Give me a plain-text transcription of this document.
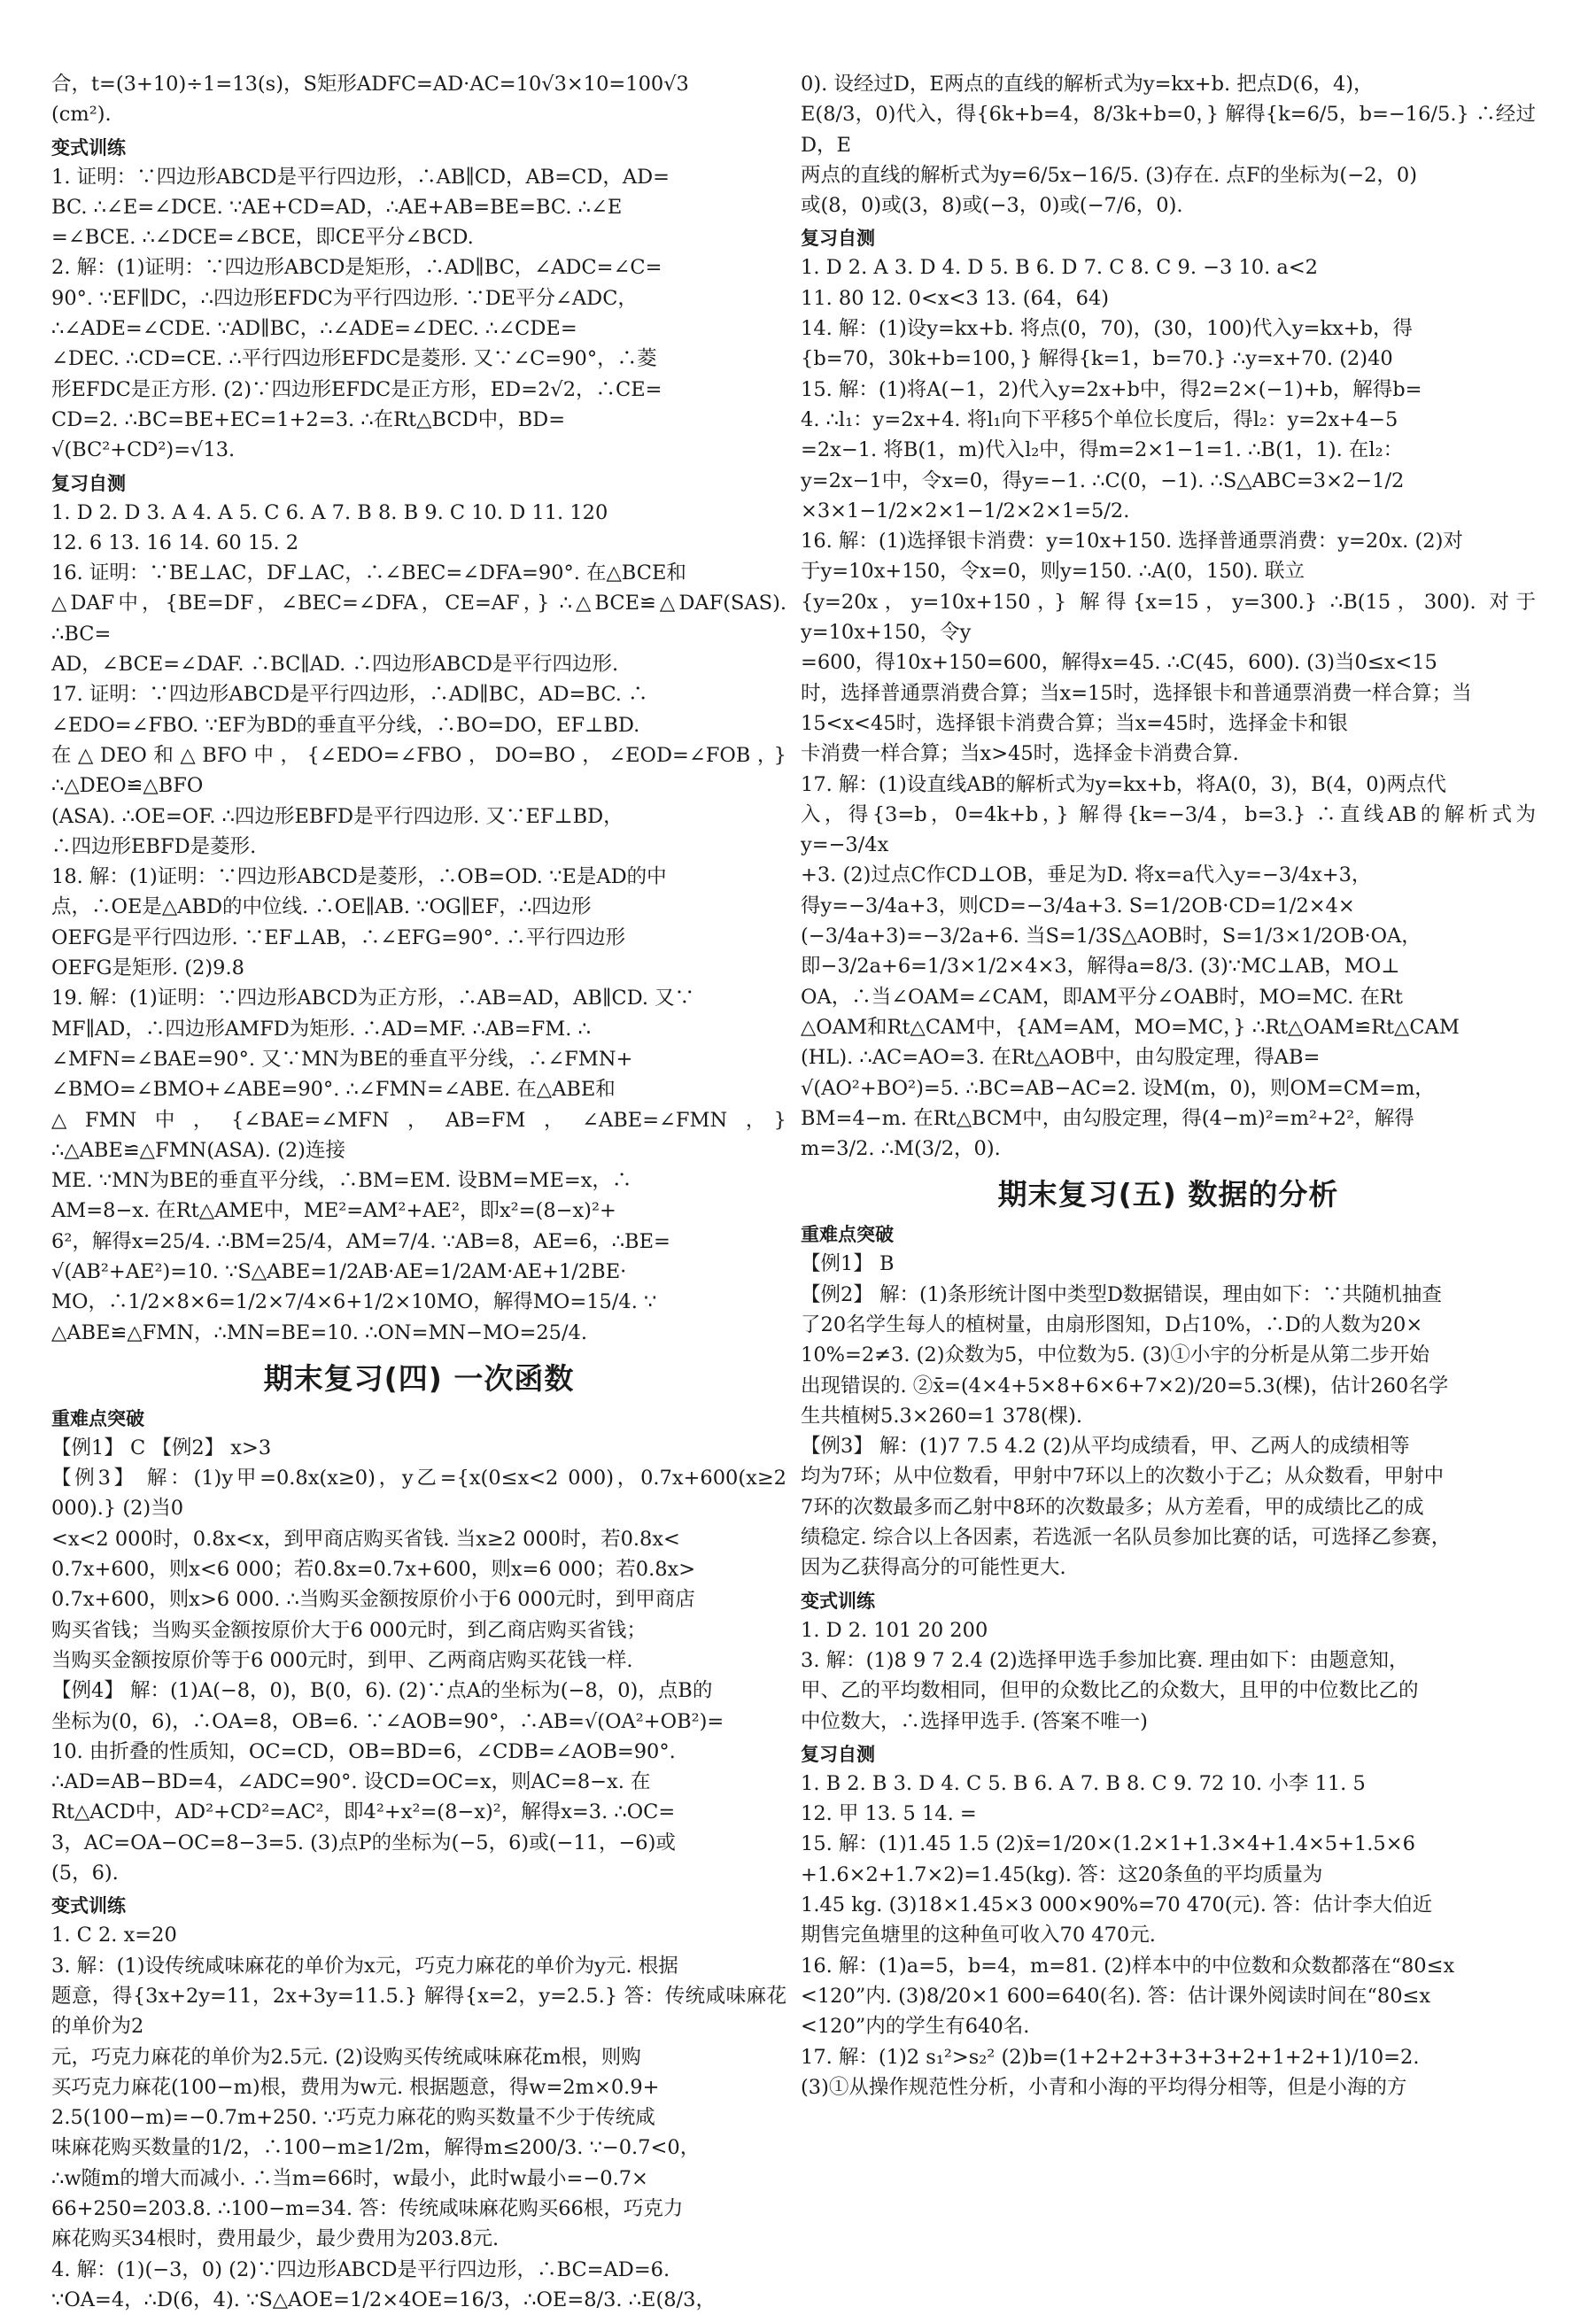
合，t=(3+10)÷1=13(s)，S矩形ADFC=AD·AC=10√3×10=100√3

(cm²).

变式训练

1. 证明：∵四边形ABCD是平行四边形，∴AB∥CD，AB=CD，AD=

BC. ∴∠E=∠DCE. ∵AE+CD=AD，∴AE+AB=BE=BC. ∴∠E

=∠BCE. ∴∠DCE=∠BCE，即CE平分∠BCD.

2. 解：(1)证明：∵四边形ABCD是矩形，∴AD∥BC，∠ADC=∠C=

90°. ∵EF∥DC，∴四边形EFDC为平行四边形. ∵DE平分∠ADC，

∴∠ADE=∠CDE. ∵AD∥BC，∴∠ADE=∠DEC. ∴∠CDE=

∠DEC. ∴CD=CE. ∴平行四边形EFDC是菱形. 又∵∠C=90°，∴菱

形EFDC是正方形. (2)∵四边形EFDC是正方形，ED=2√2，∴CE=

CD=2. ∴BC=BE+EC=1+2=3. ∴在Rt△BCD中，BD=

√(BC²+CD²)=√13.

复习自测

1. D 2. D 3. A 4. A 5. C 6. A 7. B 8. B 9. C 10. D 11. 120

12. 6 13. 16 14. 60 15. 2

16. 证明：∵BE⊥AC，DF⊥AC，∴∠BEC=∠DFA=90°. 在△BCE和

△DAF中，{BE=DF，∠BEC=∠DFA，CE=AF，} ∴△BCE≌△DAF(SAS). ∴BC=

AD，∠BCE=∠DAF. ∴BC∥AD. ∴四边形ABCD是平行四边形.

17. 证明：∵四边形ABCD是平行四边形，∴AD∥BC，AD=BC. ∴

∠EDO=∠FBO. ∵EF为BD的垂直平分线，∴BO=DO，EF⊥BD.

在△DEO和△BFO中，{∠EDO=∠FBO，DO=BO，∠EOD=∠FOB，} ∴△DEO≌△BFO

(ASA). ∴OE=OF. ∴四边形EBFD是平行四边形. 又∵EF⊥BD，

∴四边形EBFD是菱形.

18. 解：(1)证明：∵四边形ABCD是菱形，∴OB=OD. ∵E是AD的中

点，∴OE是△ABD的中位线. ∴OE∥AB. ∵OG∥EF，∴四边形

OEFG是平行四边形. ∵EF⊥AB，∴∠EFG=90°. ∴平行四边形

OEFG是矩形. (2)9.8

19. 解：(1)证明：∵四边形ABCD为正方形，∴AB=AD，AB∥CD. 又∵

MF∥AD，∴四边形AMFD为矩形. ∴AD=MF. ∴AB=FM. ∴

∠MFN=∠BAE=90°. 又∵MN为BE的垂直平分线，∴∠FMN+

∠BMO=∠BMO+∠ABE=90°. ∴∠FMN=∠ABE. 在△ABE和

△FMN中，{∠BAE=∠MFN，AB=FM，∠ABE=∠FMN，} ∴△ABE≌△FMN(ASA). (2)连接

ME. ∵MN为BE的垂直平分线，∴BM=EM. 设BM=ME=x，∴

AM=8−x. 在Rt△AME中，ME²=AM²+AE²，即x²=(8−x)²+

6²，解得x=25/4. ∴BM=25/4，AM=7/4. ∵AB=8，AE=6，∴BE=

√(AB²+AE²)=10. ∵S△ABE=1/2AB·AE=1/2AM·AE+1/2BE·

MO，∴1/2×8×6=1/2×7/4×6+1/2×10MO，解得MO=15/4. ∵

△ABE≌△FMN，∴MN=BE=10. ∴ON=MN−MO=25/4.

期末复习(四) 一次函数
重难点突破

【例1】 C 【例2】 x>3

【例3】 解：(1)y甲=0.8x(x≥0)，y乙={x(0≤x<2 000)，0.7x+600(x≥2 000).} (2)当0

<x<2 000时，0.8x<x，到甲商店购买省钱. 当x≥2 000时，若0.8x<

0.7x+600，则x<6 000；若0.8x=0.7x+600，则x=6 000；若0.8x>

0.7x+600，则x>6 000. ∴当购买金额按原价小于6 000元时，到甲商店

购买省钱；当购买金额按原价大于6 000元时，到乙商店购买省钱；

当购买金额按原价等于6 000元时，到甲、乙两商店购买花钱一样.

【例4】 解：(1)A(−8，0)，B(0，6). (2)∵点A的坐标为(−8，0)，点B的

坐标为(0，6)，∴OA=8，OB=6. ∵∠AOB=90°，∴AB=√(OA²+OB²)=

10. 由折叠的性质知，OC=CD，OB=BD=6，∠CDB=∠AOB=90°.

∴AD=AB−BD=4，∠ADC=90°. 设CD=OC=x，则AC=8−x. 在

Rt△ACD中，AD²+CD²=AC²，即4²+x²=(8−x)²，解得x=3. ∴OC=

3，AC=OA−OC=8−3=5. (3)点P的坐标为(−5，6)或(−11，−6)或

(5，6).

变式训练

1. C 2. x=20

3. 解：(1)设传统咸味麻花的单价为x元，巧克力麻花的单价为y元. 根据

题意，得{3x+2y=11，2x+3y=11.5.} 解得{x=2，y=2.5.} 答：传统咸味麻花的单价为2

元，巧克力麻花的单价为2.5元. (2)设购买传统咸味麻花m根，则购

买巧克力麻花(100−m)根，费用为w元. 根据题意，得w=2m×0.9+

2.5(100−m)=−0.7m+250. ∵巧克力麻花的购买数量不少于传统咸

味麻花购买数量的1/2，∴100−m≥1/2m，解得m≤200/3. ∵−0.7<0，

∴w随m的增大而减小. ∴当m=66时，w最小，此时w最小=−0.7×

66+250=203.8. ∴100−m=34. 答：传统咸味麻花购买66根，巧克力

麻花购买34根时，费用最少，最少费用为203.8元.

4. 解：(1)(−3，0) (2)∵四边形ABCD是平行四边形，∴BC=AD=6.

∵OA=4，∴D(6，4). ∵S△AOE=1/2×4OE=16/3，∴OE=8/3. ∴E(8/3，

0). 设经过D，E两点的直线的解析式为y=kx+b. 把点D(6，4)，

E(8/3，0)代入，得{6k+b=4，8/3k+b=0，} 解得{k=6/5，b=−16/5.} ∴经过D，E

两点的直线的解析式为y=6/5x−16/5. (3)存在. 点F的坐标为(−2，0)

或(8，0)或(3，8)或(−3，0)或(−7/6，0).

复习自测

1. D 2. A 3. D 4. D 5. B 6. D 7. C 8. C 9. −3 10. a<2

11. 80 12. 0<x<3 13. (64，64)

14. 解：(1)设y=kx+b. 将点(0，70)，(30，100)代入y=kx+b，得

{b=70，30k+b=100，} 解得{k=1，b=70.} ∴y=x+70. (2)40

15. 解：(1)将A(−1，2)代入y=2x+b中，得2=2×(−1)+b，解得b=

4. ∴l₁：y=2x+4. 将l₁向下平移5个单位长度后，得l₂：y=2x+4−5

=2x−1. 将B(1，m)代入l₂中，得m=2×1−1=1. ∴B(1，1). 在l₂：

y=2x−1中，令x=0，得y=−1. ∴C(0，−1). ∴S△ABC=3×2−1/2

×3×1−1/2×2×1−1/2×2×1=5/2.

16. 解：(1)选择银卡消费：y=10x+150. 选择普通票消费：y=20x. (2)对

于y=10x+150，令x=0，则y=150. ∴A(0，150). 联立

{y=20x，y=10x+150，} 解得{x=15，y=300.} ∴B(15，300). 对于y=10x+150，令y

=600，得10x+150=600，解得x=45. ∴C(45，600). (3)当0≤x<15

时，选择普通票消费合算；当x=15时，选择银卡和普通票消费一样合算；当

15<x<45时，选择银卡消费合算；当x=45时，选择金卡和银

卡消费一样合算；当x>45时，选择金卡消费合算.

17. 解：(1)设直线AB的解析式为y=kx+b，将A(0，3)，B(4，0)两点代

入，得{3=b，0=4k+b，} 解得{k=−3/4，b=3.} ∴直线AB的解析式为y=−3/4x

+3. (2)过点C作CD⊥OB，垂足为D. 将x=a代入y=−3/4x+3，

得y=−3/4a+3，则CD=−3/4a+3. S=1/2OB·CD=1/2×4×

(−3/4a+3)=−3/2a+6. 当S=1/3S△AOB时，S=1/3×1/2OB·OA，

即−3/2a+6=1/3×1/2×4×3，解得a=8/3. (3)∵MC⊥AB，MO⊥

OA，∴当∠OAM=∠CAM，即AM平分∠OAB时，MO=MC. 在Rt

△OAM和Rt△CAM中，{AM=AM，MO=MC，} ∴Rt△OAM≌Rt△CAM

(HL). ∴AC=AO=3. 在Rt△AOB中，由勾股定理，得AB=

√(AO²+BO²)=5. ∴BC=AB−AC=2. 设M(m，0)，则OM=CM=m，

BM=4−m. 在Rt△BCM中，由勾股定理，得(4−m)²=m²+2²，解得

m=3/2. ∴M(3/2，0).

期末复习(五) 数据的分析
重难点突破

【例1】 B

【例2】 解：(1)条形统计图中类型D数据错误，理由如下：∵共随机抽查

了20名学生每人的植树量，由扇形图知，D占10%，∴D的人数为20×

10%=2≠3. (2)众数为5，中位数为5. (3)①小宇的分析是从第二步开始

出现错误的. ②x̄=(4×4+5×8+6×6+7×2)/20=5.3(棵)，估计260名学

生共植树5.3×260=1 378(棵).

【例3】 解：(1)7 7.5 4.2 (2)从平均成绩看，甲、乙两人的成绩相等

均为7环；从中位数看，甲射中7环以上的次数小于乙；从众数看，甲射中

7环的次数最多而乙射中8环的次数最多；从方差看，甲的成绩比乙的成

绩稳定. 综合以上各因素，若选派一名队员参加比赛的话，可选择乙参赛，

因为乙获得高分的可能性更大.

变式训练

1. D 2. 101 20 200

3. 解：(1)8 9 7 2.4 (2)选择甲选手参加比赛. 理由如下：由题意知，

甲、乙的平均数相同，但甲的众数比乙的众数大，且甲的中位数比乙的

中位数大，∴选择甲选手. (答案不唯一)

复习自测

1. B 2. B 3. D 4. C 5. B 6. A 7. B 8. C 9. 72 10. 小李 11. 5

12. 甲 13. 5 14. =

15. 解：(1)1.45 1.5 (2)x̄=1/20×(1.2×1+1.3×4+1.4×5+1.5×6

+1.6×2+1.7×2)=1.45(kg). 答：这20条鱼的平均质量为

1.45 kg. (3)18×1.45×3 000×90%=70 470(元). 答：估计李大伯近

期售完鱼塘里的这种鱼可收入70 470元.

16. 解：(1)a=5，b=4，m=81. (2)样本中的中位数和众数都落在“80≤x

<120”内. (3)8/20×1 600=640(名). 答：估计课外阅读时间在“80≤x

<120”内的学生有640名.

17. 解：(1)2 s₁²>s₂² (2)b=(1+2+2+3+3+3+2+1+2+1)/10=2.

(3)①从操作规范性分析，小青和小海的平均得分相等，但是小海的方
